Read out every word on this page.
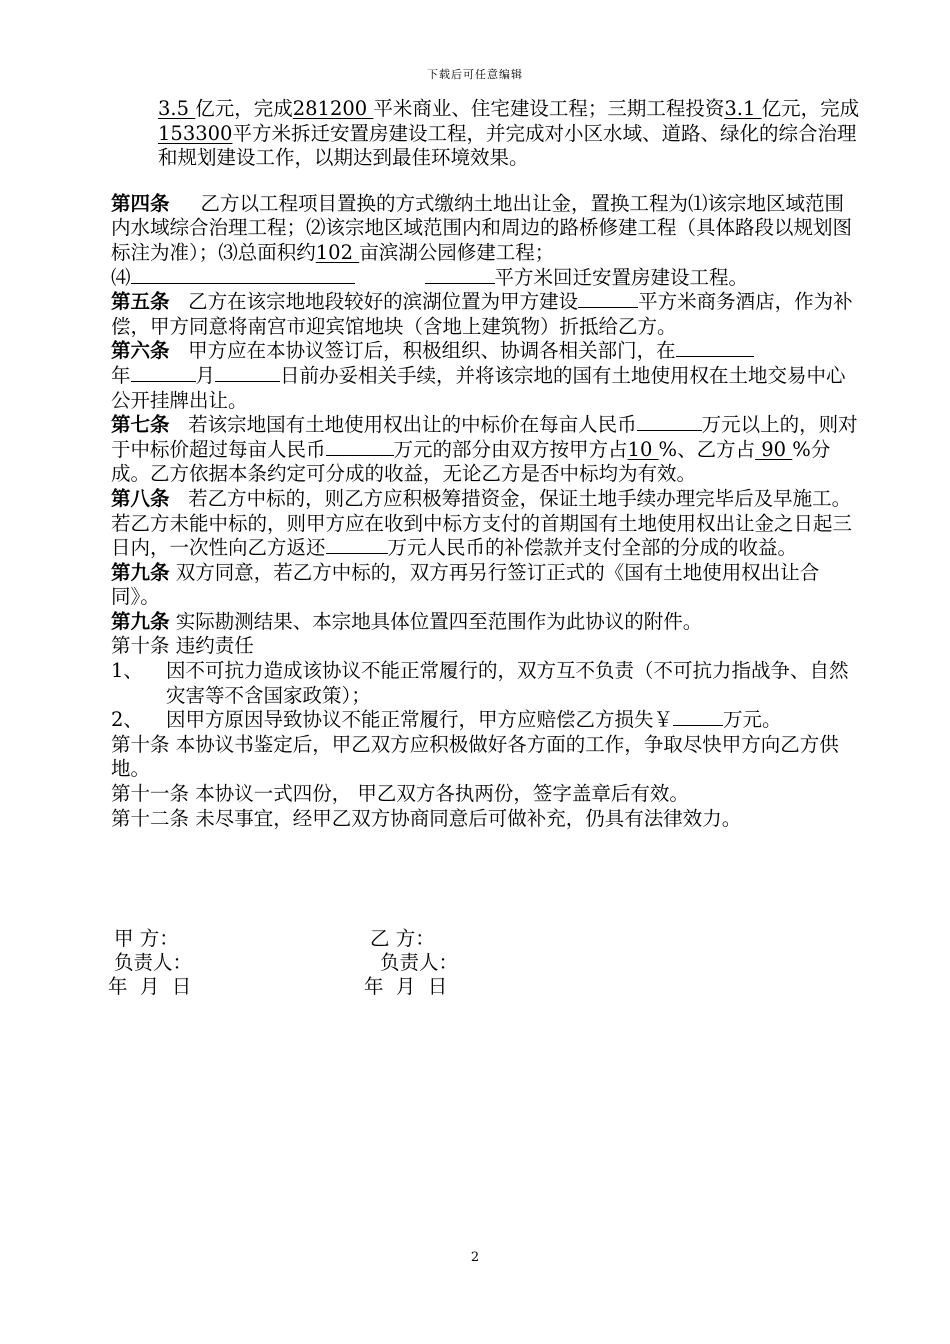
下载后可任意编辑

3.5 亿元，完成281200 平米商业、住宅建设工程；三期工程投资3.1 亿元，完成153300平方米拆迁安置房建设工程，并完成对小区水域、道路、绿化的综合治理和规划建设工作，以期达到最佳环境效果。

第四条 乙方以工程项目置换的方式缴纳土地出让金，置换工程为⑴该宗地区域范围内水域综合治理工程；⑵该宗地区域范围内和周边的路桥修建工程（具体路段以规划图标注为准）；⑶总面积约102 亩滨湖公园修建工程；
⑷	平方米回迁安置房建设工程。

第五条 乙方在该宗地地段较好的滨湖位置为甲方建设	平方米商务酒店，作为补偿，甲方同意将南宫市迎宾馆地块（含地上建筑物）折抵给乙方。

第六条 甲方应在本协议签订后，积极组织、协调各相关部门，在
年	月	日前办妥相关手续，并将该宗地的国有土地使用权在土地交易中心公开挂牌出让。

第七条 若该宗地国有土地使用权出让的中标价在每亩人民币	万元以上的，则对于中标价超过每亩人民币	万元的部分由双方按甲方占10 %、乙方占 90 %分成。乙方依据本条约定可分成的收益，无论乙方是否中标均为有效。

第八条 若乙方中标的，则乙方应积极筹措资金，保证土地手续办理完毕后及早施工。若乙方未能中标的，则甲方应在收到中标方支付的首期国有土地使用权出让金之日起三日内，一次性向乙方返还	万元人民币的补偿款并支付全部的分成的收益。

第九条 双方同意，若乙方中标的，双方再另行签订正式的《国有土地使用权出让合同》。

第九条 实际勘测结果、本宗地具体位置四至范围作为此协议的附件。

第十条 违约责任

1、	因不可抗力造成该协议不能正常履行的，双方互不负责（不可抗力指战争、自然灾害等不含国家政策）；
2、	因甲方原因导致协议不能正常履行，甲方应赔偿乙方损失￥	万元。

第十条 本协议书鉴定后，甲乙双方应积极做好各方面的工作，争取尽快甲方向乙方供地。

第十一条 本协议一式四份， 甲乙双方各执两份，签字盖章后有效。

第十二条 未尽事宜，经甲乙双方协商同意后可做补充，仍具有法律效力。

甲 方：	乙 方：
负责人：	负责人：
年  月  日	年  月  日
2
